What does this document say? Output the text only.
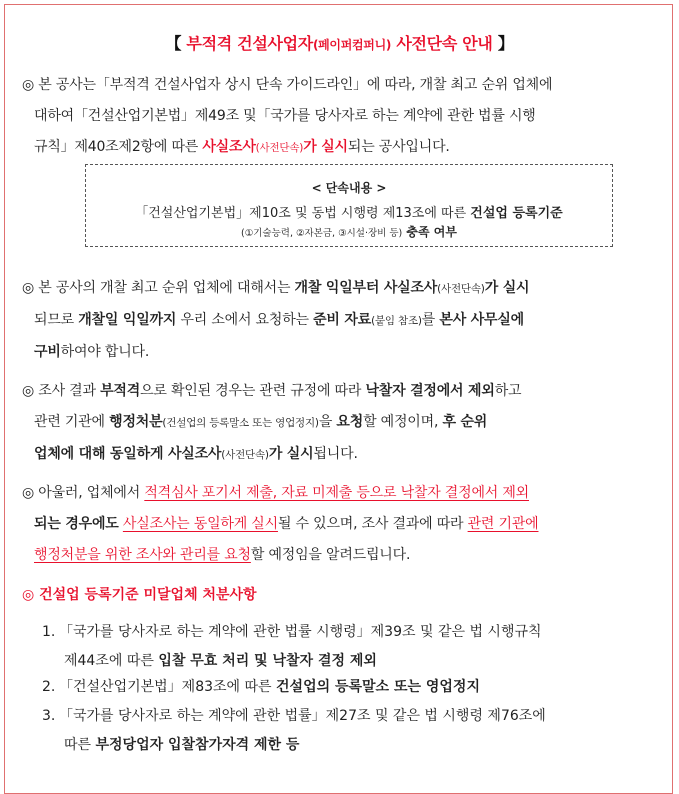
【 부적격 건설사업자(페이퍼컴퍼니) 사전단속 안내 】
◎ 본 공사는「부적격 건설사업자 상시 단속 가이드라인」에 따라, 개찰 최고 순위 업체에
대하여「건설산업기본법」제49조 및「국가를 당사자로 하는 계약에 관한 법률 시행
규칙」제40조제2항에 따른 사실조사(사전단속)가 실시되는 공사입니다.
< 단속내용 >
「건설산업기본법」제10조 및 동법 시행령 제13조에 따른 건설업 등록기준
(①기술능력, ②자본금, ③시설·장비 등) 충족 여부
◎ 본 공사의 개찰 최고 순위 업체에 대해서는 개찰 익일부터 사실조사(사전단속)가 실시
되므로 개찰일 익일까지 우리 소에서 요청하는 준비 자료(붙임 참조)를 본사 사무실에
구비하여야 합니다.
◎ 조사 결과 부적격으로 확인된 경우는 관련 규정에 따라 낙찰자 결정에서 제외하고
관련 기관에 행정처분(건설업의 등록말소 또는 영업정지)을 요청할 예정이며, 후 순위
업체에 대해 동일하게 사실조사(사전단속)가 실시됩니다.
◎ 아울러, 업체에서 적격심사 포기서 제출, 자료 미제출 등으로 낙찰자 결정에서 제외
되는 경우에도 사실조사는 동일하게 실시될 수 있으며, 조사 결과에 따라 관련 기관에
행정처분을 위한 조사와 관리를 요청할 예정임을 알려드립니다.
◎ 건설업 등록기준 미달업체 처분사항
1. 「국가를 당사자로 하는 계약에 관한 법률 시행령」제39조 및 같은 법 시행규칙
제44조에 따른 입찰 무효 처리 및 낙찰자 결정 제외
2. 「건설산업기본법」제83조에 따른 건설업의 등록말소 또는 영업정지
3. 「국가를 당사자로 하는 계약에 관한 법률」제27조 및 같은 법 시행령 제76조에
따른 부정당업자 입찰참가자격 제한 등
